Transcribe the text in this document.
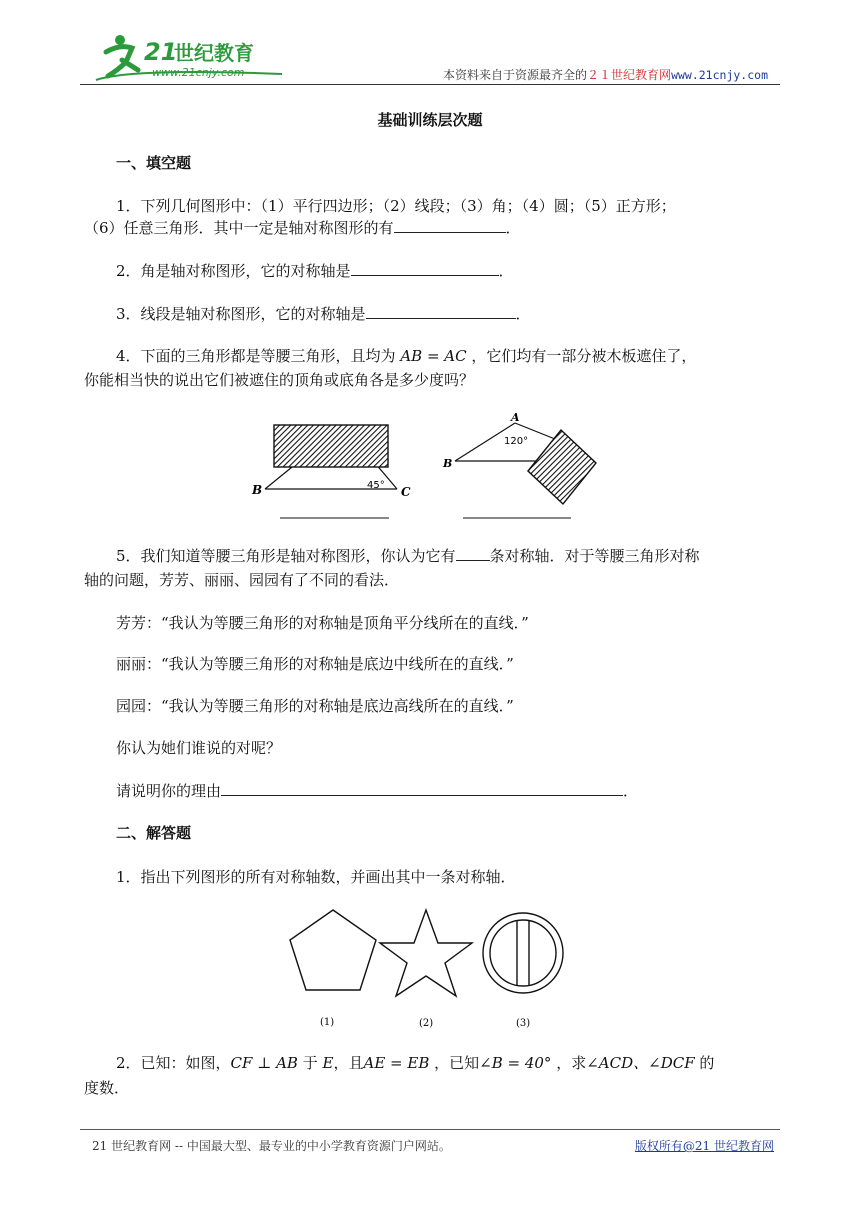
21
世纪教育
www.21cnjy.com	本资料来自于资源最齐全的２１世纪教育网www.21cnjy.com
基础训练层次题
一、填空题
1．下列几何图形中：（1）平行四边形；（2）线段；（3）角；（4）圆；（5）正方形；
（6）任意三角形．其中一定是轴对称图形的有	．
2．角是轴对称图形，它的对称轴是	．
3．线段是轴对称图形，它的对称轴是	．
4．下面的三角形都是等腰三角形，且均为 AB = AC ，它们均有一部分被木板遮住了，
你能相当快的说出它们被遮住的顶角或底角各是多少度吗？
B	C
45°
A
B
120°
5．我们知道等腰三角形是轴对称图形，你认为它有 条对称轴．对于等腰三角形对称
轴的问题，芳芳、丽丽、园园有了不同的看法．
芳芳：“我认为等腰三角形的对称轴是顶角平分线所在的直线．”
丽丽：“我认为等腰三角形的对称轴是底边中线所在的直线．”
园园：“我认为等腰三角形的对称轴是底边高线所在的直线．”
你认为她们谁说的对呢？
请说明你的理由	．
二、解答题
1．指出下列图形的所有对称轴数，并画出其中一条对称轴．
(1)	(2)	(3)
2．已知：如图，CF ⊥ AB 于 E，且AE = EB ，已知∠B = 40° ，求∠ACD、∠DCF 的
度数．
21 世纪教育网 -- 中国最大型、最专业的中小学教育资源门户网站。	版权所有@21 世纪教育网
